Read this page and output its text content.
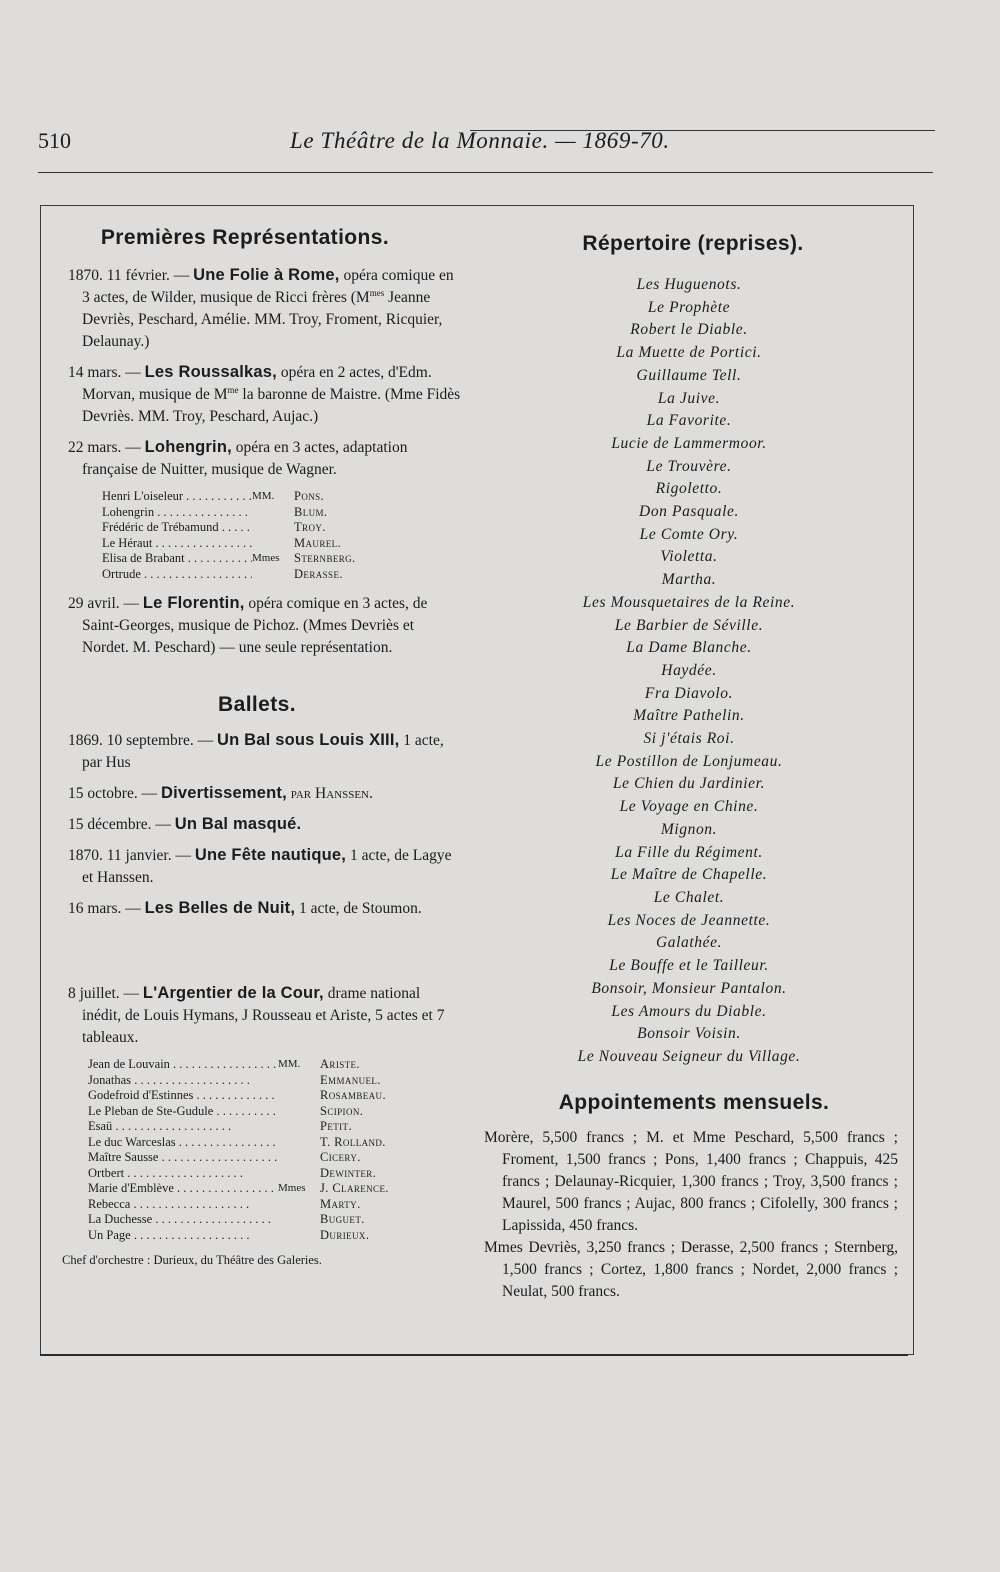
510	Le Théâtre de la Monnaie. — 1869-70.
Premières Représentations.

1870. 11 février. — Une Folie à Rome, opéra comique en 3 actes, de Wilder, musique de Ricci frères ($M^{mes}$ Jeanne Devriès, Peschard, Amélie. MM. Troy, Froment, Ricquier, Delaunay.)

14 mars. — Les Roussalkas, opéra en 2 actes, d'Edm. Morvan, musique de $M^{me}$ la baronne de Maistre. (Mme Fidès Devriès. MM. Troy, Peschard, Aujac.)

22 mars. — Lohengrin, opéra en 3 actes, adaptation française de Nuitter, musique de Wagner.

Henri L'oiseleur . . .	MM.	Pons.
Lohengrin . . .	Blum.
Frédéric de Trébamund . . .	Troy.
Le Héraut . . .	Maurel.
Elisa de Brabant . . .	Mmes	Sternberg.
Ortrude . . .	Derasse.

29 avril. — Le Florentin, opéra comique en 3 actes, de Saint-Georges, musique de Pichoz. (Mmes Devriès et Nordet. M. Peschard) — une seule représentation.

Ballets.

1869. 10 septembre. — Un Bal sous Louis XIII, 1 acte, par Hus

15 octobre. — Divertissement, par Hanssen.

15 décembre. — Un Bal masqué.

1870. 11 janvier. — Une Fête nautique, 1 acte, de Lagye et Hanssen.

16 mars. — Les Belles de Nuit, 1 acte, de Stoumon.

8 juillet. — L'Argentier de la Cour, drame national inédit, de Louis Hymans, J Rousseau et Ariste, 5 actes et 7 tableaux.

Jean de Louvain . . .	MM.	Ariste.
Jonathas . . .	Emmanuel.
Godefroid d'Estinnes . . .	Rosambeau.
Le Pleban de Ste-Gudule . . .	Scipion.
Esaü . . .	Petit.
Le duc Warceslas . . .	T. Rolland.
Maître Sausse . . .	Cicery.
Ortbert . . .	Dewinter.
Marie d'Emblève . . .	Mmes	J. Clarence.
Rebecca . . .	Marty.
La Duchesse . . .	Buguet.
Un Page . . .	Durieux.
Chef d'orchestre : Durieux, du Théâtre des Galeries.
Répertoire (reprises).
Les Huguenots.
Le Prophète
Robert le Diable.
La Muette de Portici.
Guillaume Tell.
La Juive.
La Favorite.
Lucie de Lammermoor.
Le Trouvère.
Rigoletto.
Don Pasquale.
Le Comte Ory.
Violetta.
Martha.
Les Mousquetaires de la Reine.
Le Barbier de Séville.
La Dame Blanche.
Haydée.
Fra Diavolo.
Maître Pathelin.
Si j'étais Roi.
Le Postillon de Lonjumeau.
Le Chien du Jardinier.
Le Voyage en Chine.
Mignon.
La Fille du Régiment.
Le Maître de Chapelle.
Le Chalet.
Les Noces de Jeannette.
Galathée.
Le Bouffe et le Tailleur.
Bonsoir, Monsieur Pantalon.
Les Amours du Diable.
Bonsoir Voisin.
Le Nouveau Seigneur du Village.
Appointements mensuels.

Morère, 5,500 francs ; M. et Mme Peschard, 5,500 francs ; Froment, 1,500 francs ; Pons, 1,400 francs ; Chappuis, 425 francs ; Delaunay-Ricquier, 1,300 francs ; Troy, 3,500 francs ; Maurel, 500 francs ; Aujac, 800 francs ; Cifolelly, 300 francs ; Lapissida, 450 francs.

Mmes Devriès, 3,250 francs ; Derasse, 2,500 francs ; Sternberg, 1,500 francs ; Cortez, 1,800 francs ; Nordet, 2,000 francs ; Neulat, 500 francs.
